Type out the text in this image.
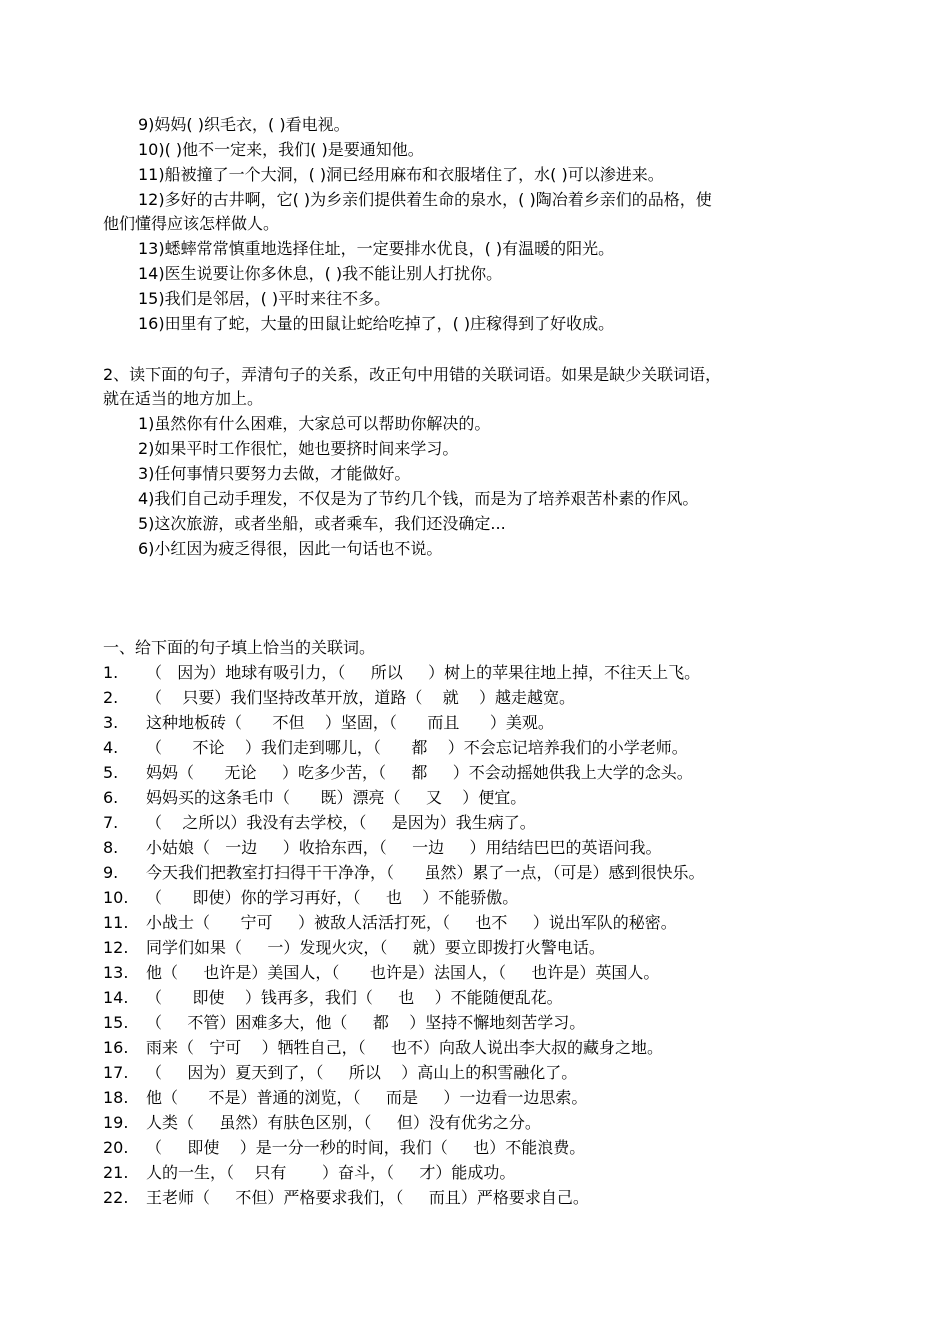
9)妈妈( )织毛衣，( )看电视。
10)( )他不一定来，我们( )是要通知他。
11)船被撞了一个大洞，( )洞已经用麻布和衣服堵住了，水( )可以渗进来。
12)多好的古井啊，它( )为乡亲们提供着生命的泉水，( )陶冶着乡亲们的品格，使
他们懂得应该怎样做人。
13)蟋蟀常常慎重地选择住址，一定要排水优良，( )有温暖的阳光。
14)医生说要让你多休息，( )我不能让别人打扰你。
15)我们是邻居，( )平时来往不多。
16)田里有了蛇，大量的田鼠让蛇给吃掉了，( )庄稼得到了好收成。
2、读下面的句子，弄清句子的关系，改正句中用错的关联词语。如果是缺少关联词语，
就在适当的地方加上。
1)虽然你有什么困难，大家总可以帮助你解决的。
2)如果平时工作很忙，她也要挤时间来学习。
3)任何事情只要努力去做，才能做好。
4)我们自己动手理发，不仅是为了节约几个钱，而是为了培养艰苦朴素的作风。
5)这次旅游，或者坐船，或者乘车，我们还没确定...
6)小红因为疲乏得很，因此一句话也不说。
一、给下面的句子填上恰当的关联词。
1. （   因为）地球有吸引力，（     所以     ）树上的苹果往地上掉，不往天上飞。
2. （    只要）我们坚持改革开放，道路（    就    ）越走越宽。
3. 这种地板砖（      不但    ）坚固，（      而且      ）美观。
4. （      不论    ）我们走到哪儿，（      都    ）不会忘记培养我们的小学老师。
5. 妈妈（      无论     ）吃多少苦，（     都     ）不会动摇她供我上大学的念头。
6. 妈妈买的这条毛巾（      既）漂亮（     又    ）便宜。
7. （    之所以）我没有去学校，（     是因为）我生病了。
8. 小姑娘（   一边     ）收拾东西，（     一边     ）用结结巴巴的英语问我。
9. 今天我们把教室打扫得干干净净，（      虽然）累了一点，（可是）感到很快乐。
10. （      即使）你的学习再好，（     也    ）不能骄傲。
11. 小战士（      宁可     ）被敌人活活打死，（     也不     ）说出军队的秘密。
12. 同学们如果（     一）发现火灾，（     就）要立即拨打火警电话。
13. 他（     也许是）美国人，（      也许是）法国人，（     也许是）英国人。
14. （      即使    ）钱再多，我们（     也    ）不能随便乱花。
15. （     不管）困难多大，他（     都    ）坚持不懈地刻苦学习。
16. 雨来（   宁可    ）牺牲自己，（     也不）向敌人说出李大叔的藏身之地。
17. （     因为）夏天到了，（     所以    ）高山上的积雪融化了。
18. 他（      不是）普通的浏览，（     而是     ）一边看一边思索。
19. 人类（     虽然）有肤色区别，（     但）没有优劣之分。
20. （     即使    ）是一分一秒的时间，我们（     也）不能浪费。
21. 人的一生，（    只有       ）奋斗，（     才）能成功。
22. 王老师（     不但）严格要求我们，（     而且）严格要求自己。
